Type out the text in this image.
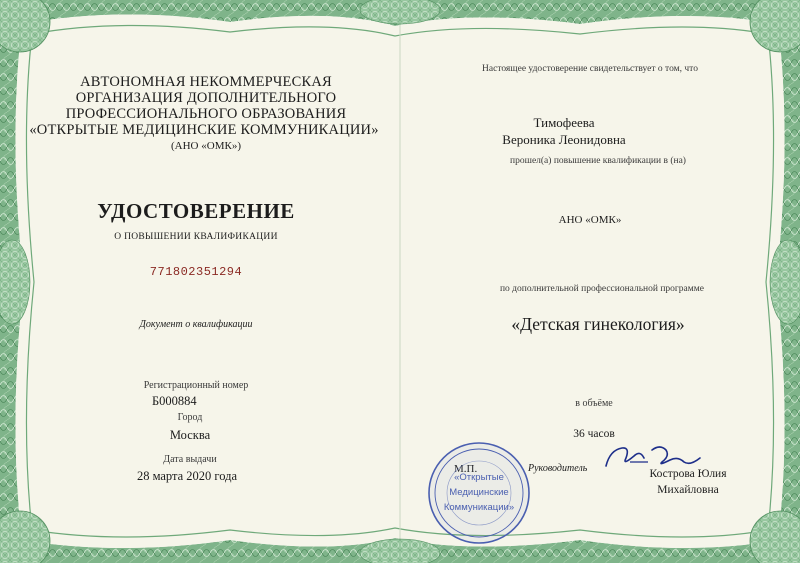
АВТОНОМНАЯ НЕКОММЕРЧЕСКАЯ
ОРГАНИЗАЦИЯ ДОПОЛНИТЕЛЬНОГО
ПРОФЕССИОНАЛЬНОГО ОБРАЗОВАНИЯ
«ОТКРЫТЫЕ МЕДИЦИНСКИЕ КОММУНИКАЦИИ»
(АНО «ОМК»)
УДОСТОВЕРЕНИЕ
О ПОВЫШЕНИИ КВАЛИФИКАЦИИ
771802351294
Документ о квалификации
Регистрационный номер
Б000884
Город
Москва
Дата выдачи
28 марта 2020 года
Настоящее удостоверение свидетельствует о том, что
Тимофеева
Вероника Леонидовна
прошел(а) повышение квалификации в (на)
АНО «ОМК»
по дополнительной профессиональной программе
«Детская гинекология»
в объёме
36 часов
Руководитель	Кострова Юлия
Михайловна
«Открытые
Медицинские
Коммуникации»
